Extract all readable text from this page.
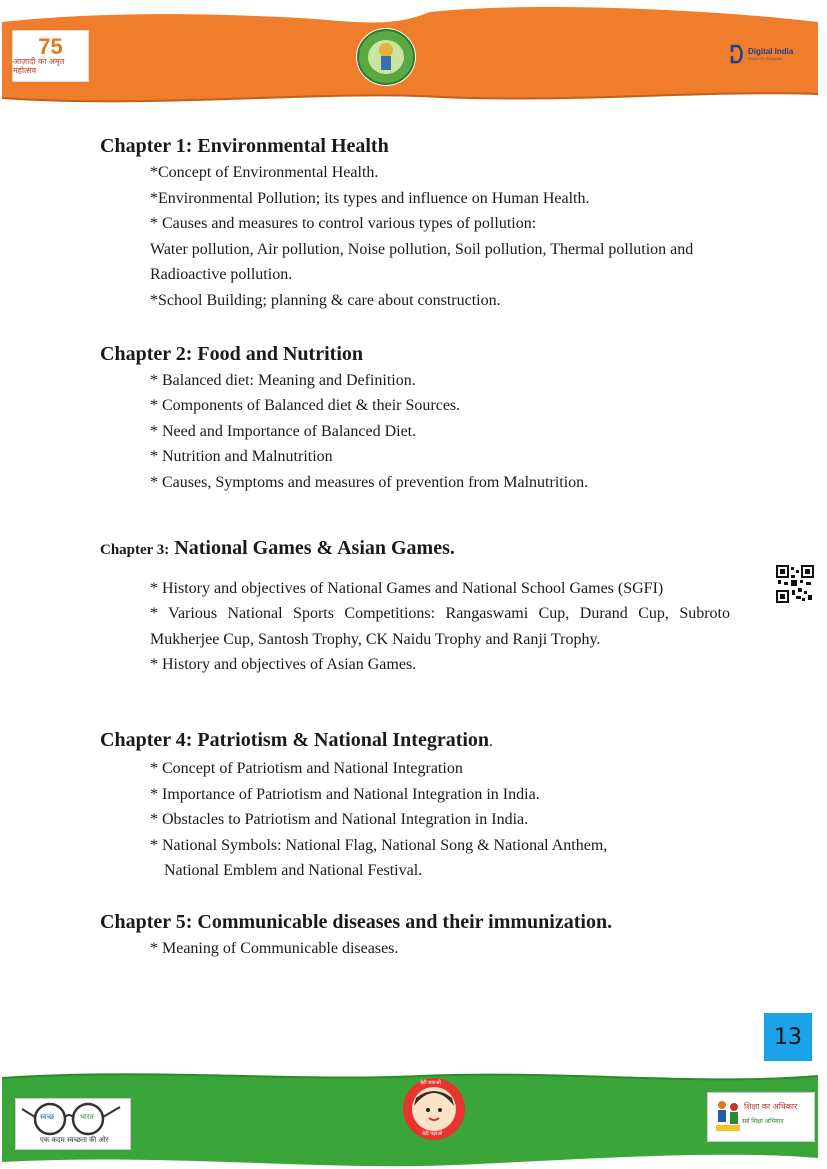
75
आज़ादी का अमृत महोत्सव
Digital India
Power To Empower
Chapter 1: Environmental Health

*Concept of Environmental Health.

*Environmental Pollution; its types and influence on Human Health.

* Causes and measures to control various types of pollution:

Water pollution, Air pollution, Noise pollution, Soil pollution, Thermal pollution and Radioactive pollution.

*School Building; planning & care about construction.

Chapter 2: Food and Nutrition

* Balanced diet: Meaning and Definition.

* Components of Balanced diet & their Sources.

* Need and Importance of Balanced Diet.

* Nutrition and Malnutrition

* Causes, Symptoms and measures of prevention from Malnutrition.

Chapter 3: National Games & Asian Games.

* History and objectives of National Games and National School Games (SGFI)

* Various National Sports Competitions: Rangaswami Cup, Durand Cup, Subroto Mukherjee Cup, Santosh Trophy, CK Naidu Trophy and Ranji Trophy.

* History and objectives of Asian Games.

Chapter 4: Patriotism & National Integration.

* Concept of Patriotism and National Integration

* Importance of Patriotism and National Integration in India.

* Obstacles to Patriotism and National Integration in India.

* National Symbols: National Flag, National Song & National Anthem,

National Emblem and National Festival.

Chapter 5: Communicable diseases and their immunization.

* Meaning of Communicable diseases.

13
स्वच्छ	भारत
एक कदम स्वच्छता की ओर
बेटी बचाओ
बेटी पढ़ाओ
शिक्षा का अधिकार
सर्व शिक्षा अभियान
